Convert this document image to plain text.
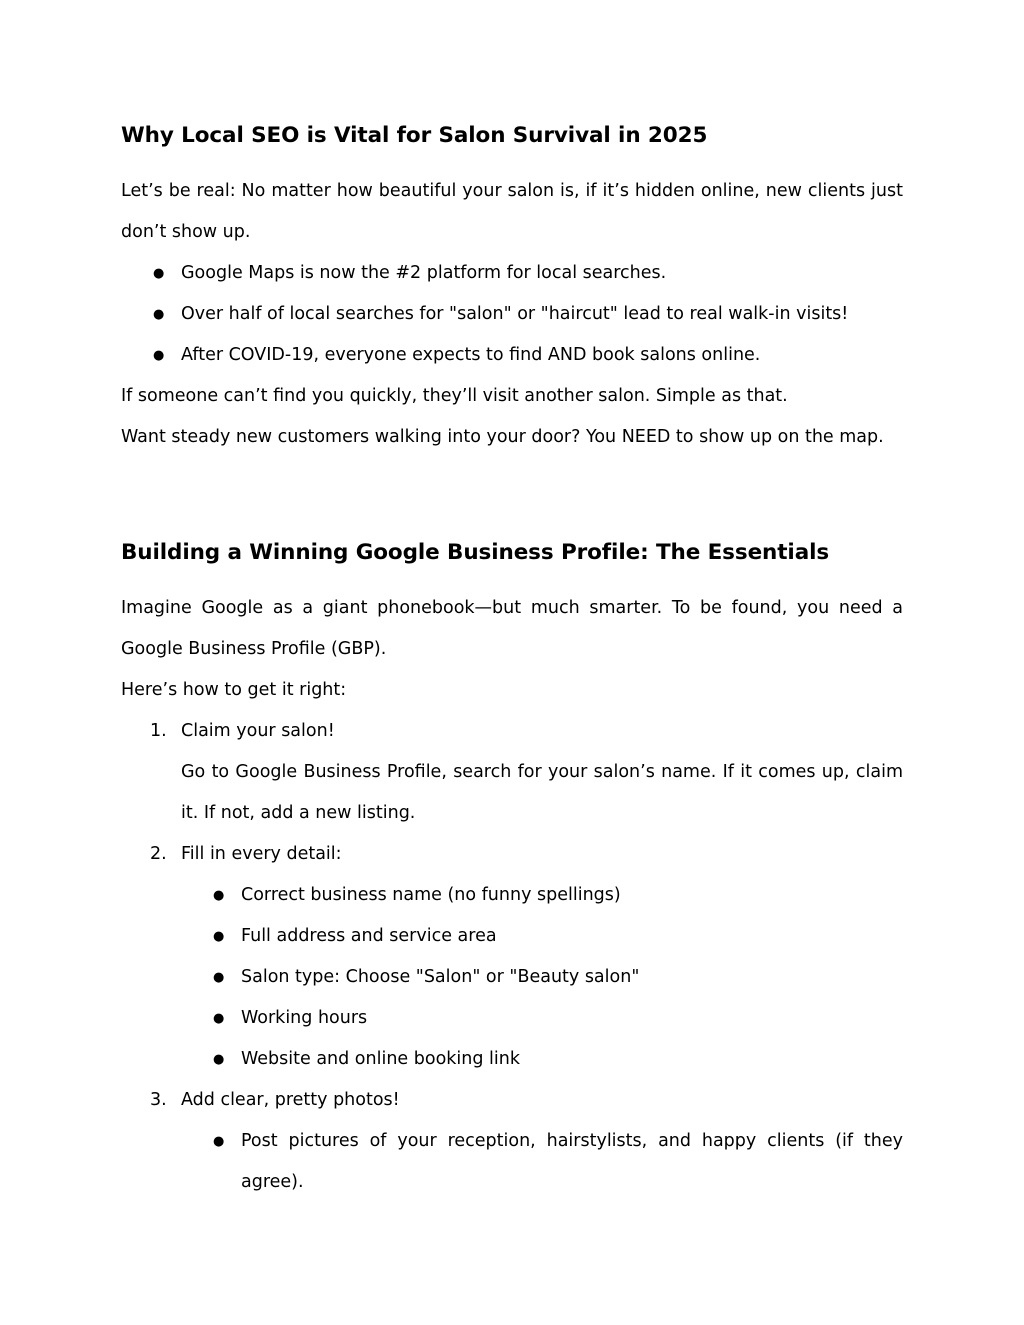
Why Local SEO is Vital for Salon Survival in 2025

Let’s be real: No matter how beautiful your salon is, if it’s hidden online, new clients just don’t show up.

● Google Maps is now the #2 platform for local searches.
● Over half of local searches for "salon" or "haircut" lead to real walk-in visits!
● After COVID-19, everyone expects to find AND book salons online.

If someone can’t find you quickly, they’ll visit another salon. Simple as that.

Want steady new customers walking into your door? You NEED to show up on the map.

Building a Winning Google Business Profile: The Essentials

Imagine Google as a giant phonebook—but much smarter. To be found, you need a Google Business Profile (GBP).

Here’s how to get it right:

1. Claim your salon!
Go to Google Business Profile, search for your salon’s name. If it comes up, claim it. If not, add a new listing.
2. Fill in every detail:
● Correct business name (no funny spellings)
● Full address and service area
● Salon type: Choose "Salon" or "Beauty salon"
● Working hours
● Website and online booking link
3. Add clear, pretty photos!
● Post pictures of your reception, hairstylists, and happy clients (if they agree).
